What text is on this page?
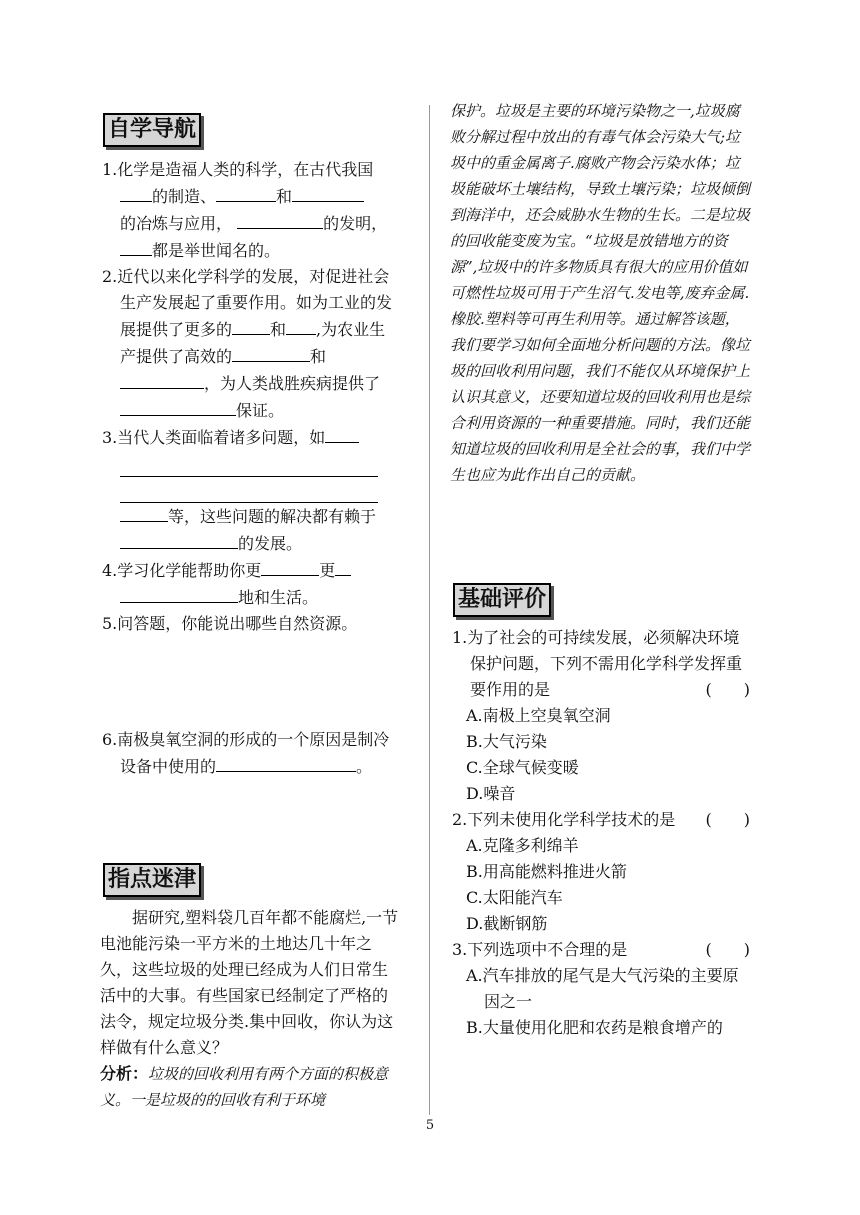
自学导航

1.化学是造福人类的科学，在古代我国
的制造、	和
的冶炼与应用，	的发明，
都是举世闻名的。

2.近代以来化学科学的发展，对促进社会生产发展起了重要作用。如为工业的发展提供了更多的 和 ,为农业生产提供了高效的	和
，为人类战胜疾病提供了
保证。

3.当代人类面临着诸多问题，如

等，这些问题的解决都有赖于
的发展。

4.学习化学能帮助你更	更
地和生活。

5.问答题，你能说出哪些自然资源。

6.南极臭氧空洞的形成的一个原因是制冷设备中使用的	。

指点迷津

据研究,塑料袋几百年都不能腐烂,一节电池能污染一平方米的土地达几十年之久，这些垃圾的处理已经成为人们日常生活中的大事。有些国家已经制定了严格的法令，规定垃圾分类.集中回收，你认为这样做有什么意义？

分析：垃圾的回收利用有两个方面的积极意义。一是垃圾的的回收有利于环境

保护。垃圾是主要的环境污染物之一,垃圾腐败分解过程中放出的有毒气体会污染大气;垃圾中的重金属离子.腐败产物会污染水体；垃圾能破坏土壤结构，导致土壤污染；垃圾倾倒到海洋中，还会威胁水生物的生长。二是垃圾的回收能变废为宝。“垃圾是放错地方的资源”,垃圾中的许多物质具有很大的应用价值如可燃性垃圾可用于产生沼气.发电等,废弃金属.橡胶.塑料等可再生利用等。通过解答该题，我们要学习如何全面地分析问题的方法。像垃圾的回收利用问题，我们不能仅从环境保护上认识其意义，还要知道垃圾的回收利用也是综合利用资源的一种重要措施。同时，我们还能知道垃圾的回收利用是全社会的事，我们中学生也应为此作出自己的贡献。

基础评价

1.为了社会的可持续发展，必须解决环境保护问题，下列不需用化学科学发挥重要作用的是	(　　)

A.南极上空臭氧空洞

B.大气污染

C.全球气候变暖

D.噪音

2.下列未使用化学科学技术的是 (　　)

A.克隆多利绵羊

B.用高能燃料推进火箭

C.太阳能汽车

D.截断钢筋

3.下列选项中不合理的是	(　　)

A.汽车排放的尾气是大气污染的主要原因之一

B.大量使用化肥和农药是粮食增产的

5
